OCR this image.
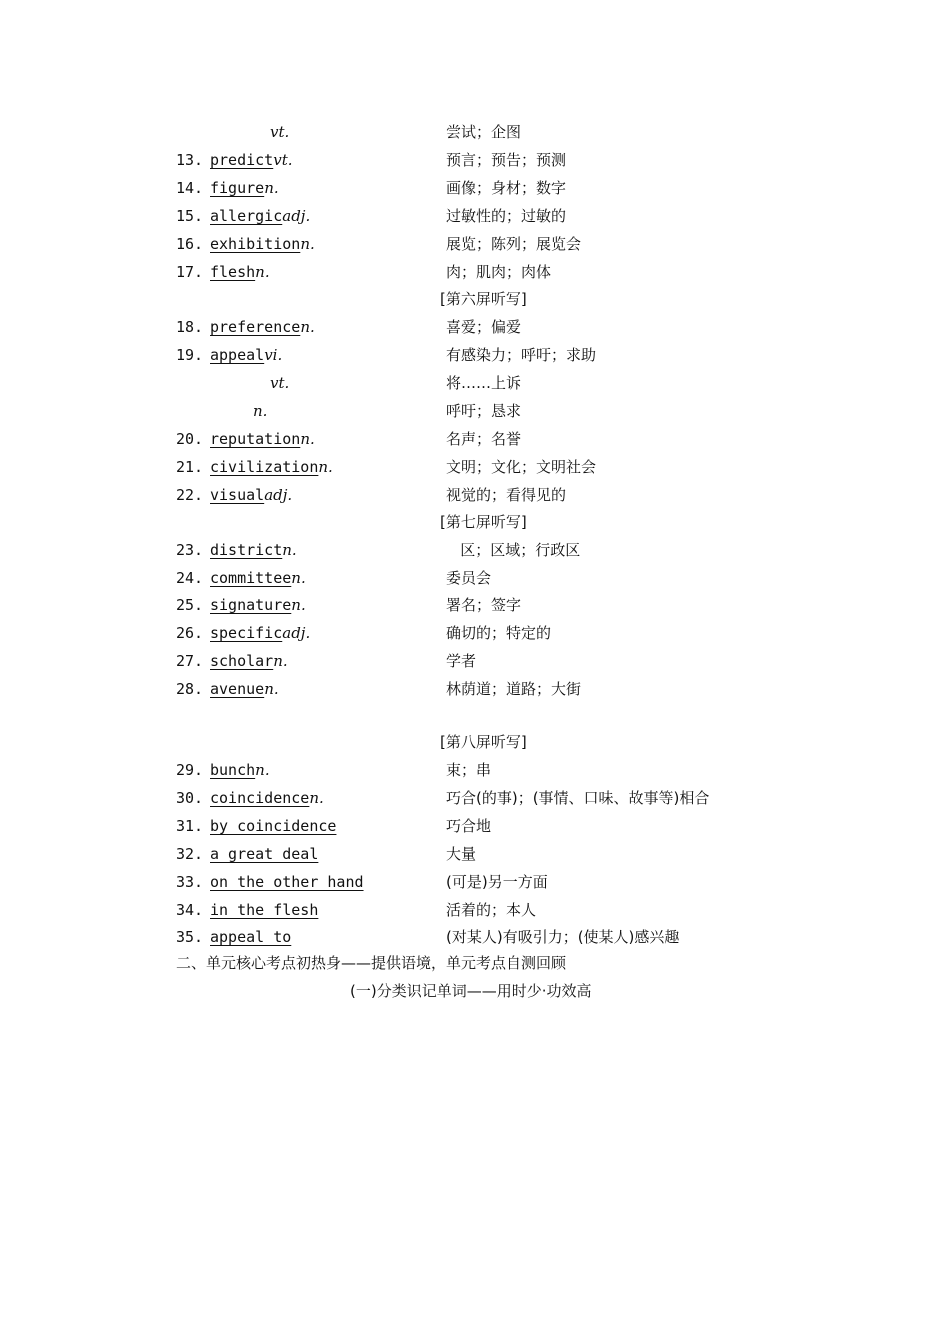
vt.	尝试；企图
13. predictvt.	预言；预告；预测
14. figuren.	画像；身材；数字
15. allergicadj.	过敏性的；过敏的
16. exhibitionn.	展览；陈列；展览会
17. fleshn.	肉；肌肉；肉体
[第六屏听写]
18. preferencen.	喜爱；偏爱
19. appealvi.	有感染力；呼吁；求助
vt.	将……上诉
n.	呼吁；恳求
20. reputationn.	名声；名誉
21. civilizationn.	文明；文化；文明社会
22. visualadj.	视觉的；看得见的
[第七屏听写]
23. districtn.	区；区域；行政区
24. committeen.	委员会
25. signaturen.	署名；签字
26. specificadj.	确切的；特定的
27. scholarn.	学者
28. avenuen.	林荫道；道路；大街
[第八屏听写]
29. bunchn.	束；串
30. coincidencen.	巧合(的事)；(事情、口味、故事等)相合
31. by coincidence	巧合地
32. a great deal	大量
33. on the other hand	(可是)另一方面
34. in the flesh	活着的；本人
35. appeal to	(对某人)有吸引力；(使某人)感兴趣
二、单元核心考点初热身——提供语境，单元考点自测回顾
(一)分类识记单词——用时少·功效高
